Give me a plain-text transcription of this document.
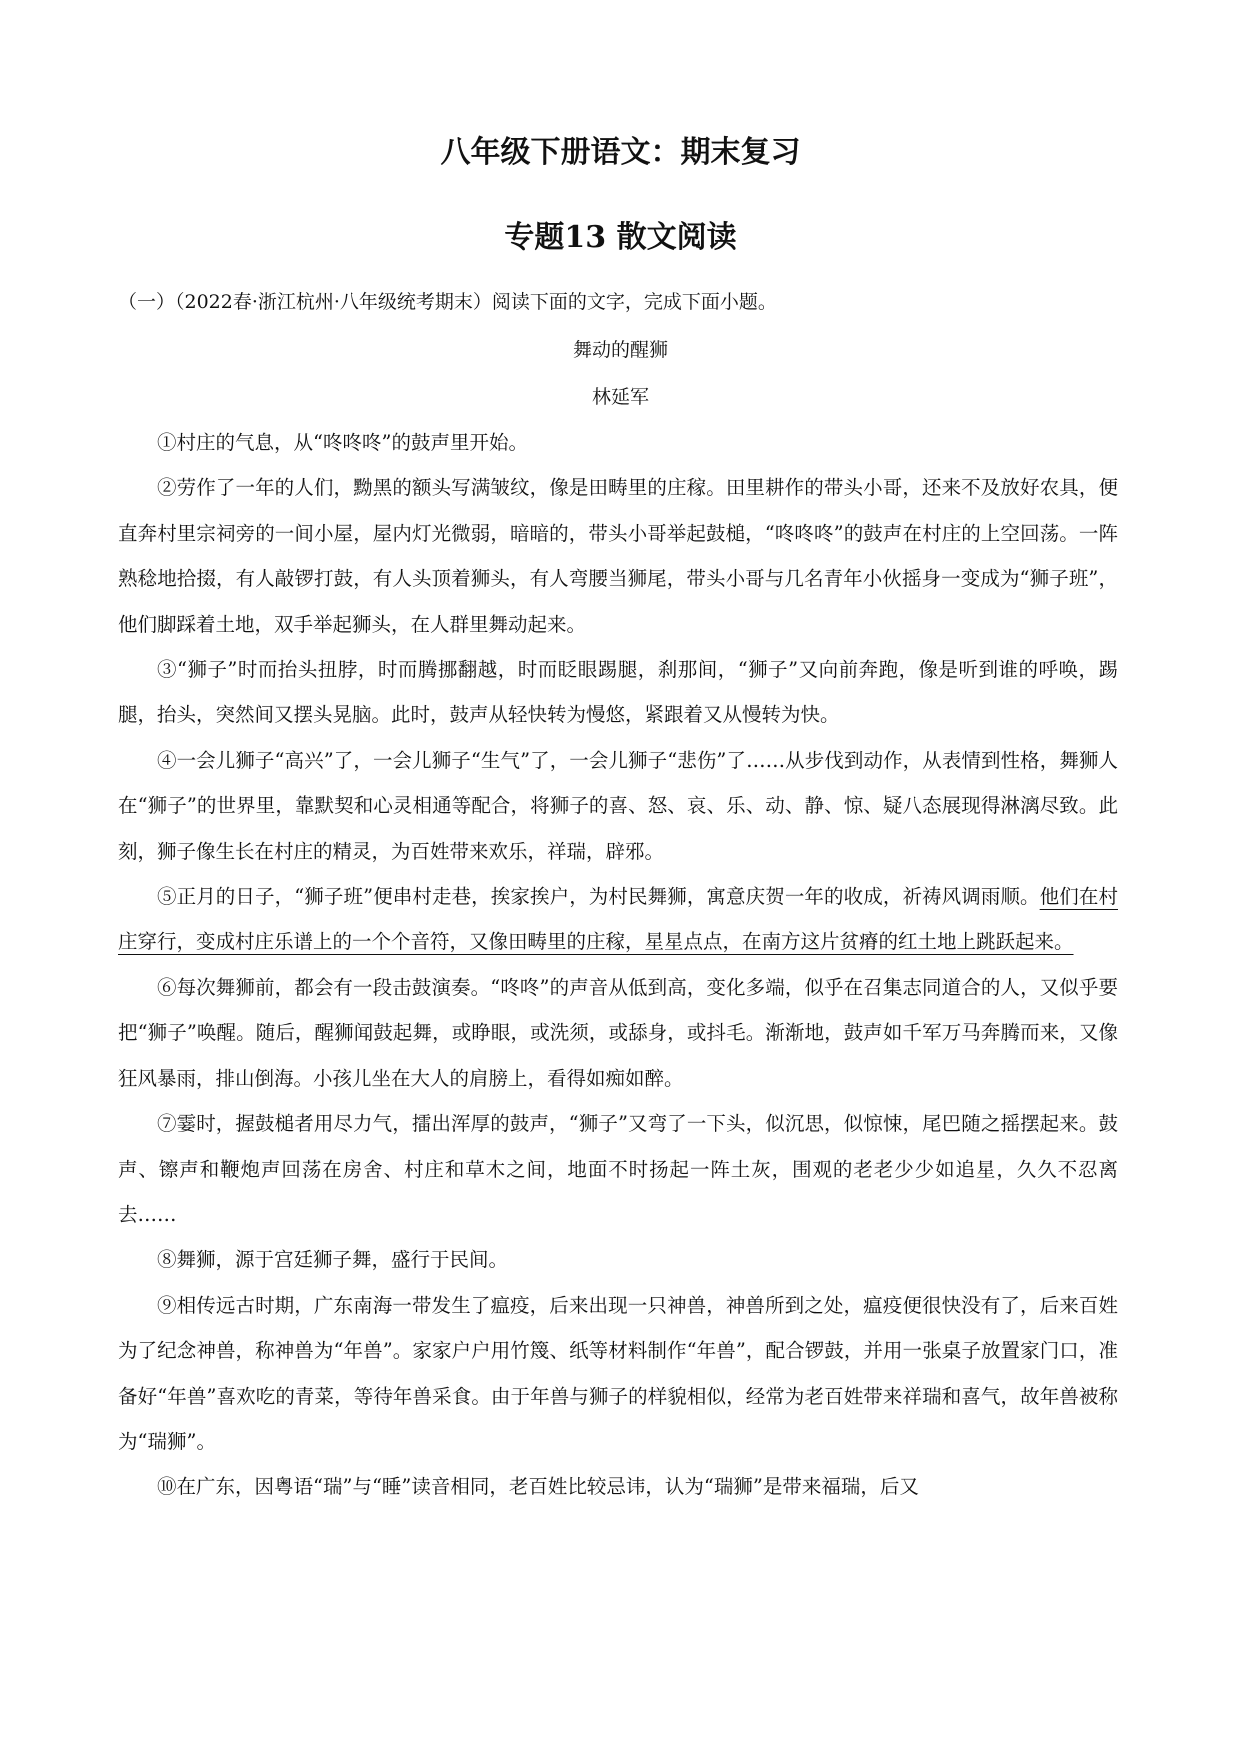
八年级下册语文：期末复习
专题13 散文阅读
（一）（2022春·浙江杭州·八年级统考期末）阅读下面的文字，完成下面小题。
舞动的醒狮
林延军

①村庄的气息，从“咚咚咚”的鼓声里开始。

②劳作了一年的人们，黝黑的额头写满皱纹，像是田畴里的庄稼。田里耕作的带头小哥，还来不及放好农具，便直奔村里宗祠旁的一间小屋，屋内灯光微弱，暗暗的，带头小哥举起鼓槌，“咚咚咚”的鼓声在村庄的上空回荡。一阵熟稔地拾掇，有人敲锣打鼓，有人头顶着狮头，有人弯腰当狮尾，带头小哥与几名青年小伙摇身一变成为“狮子班”，他们脚踩着土地，双手举起狮头，在人群里舞动起来。

③“狮子”时而抬头扭脖，时而腾挪翻越，时而眨眼踢腿，刹那间，“狮子”又向前奔跑，像是听到谁的呼唤，踢腿，抬头，突然间又摆头晃脑。此时，鼓声从轻快转为慢悠，紧跟着又从慢转为快。

④一会儿狮子“高兴”了，一会儿狮子“生气”了，一会儿狮子“悲伤”了……从步伐到动作，从表情到性格，舞狮人在“狮子”的世界里，靠默契和心灵相通等配合，将狮子的喜、怒、哀、乐、动、静、惊、疑八态展现得淋漓尽致。此刻，狮子像生长在村庄的精灵，为百姓带来欢乐，祥瑞，辟邪。

⑤正月的日子，“狮子班”便串村走巷，挨家挨户，为村民舞狮，寓意庆贺一年的收成，祈祷风调雨顺。他们在村庄穿行，变成村庄乐谱上的一个个音符，又像田畴里的庄稼，星星点点，在南方这片贫瘠的红土地上跳跃起来。

⑥每次舞狮前，都会有一段击鼓演奏。“咚咚”的声音从低到高，变化多端，似乎在召集志同道合的人，又似乎要把“狮子”唤醒。随后，醒狮闻鼓起舞，或睁眼，或洗须，或舔身，或抖毛。渐渐地，鼓声如千军万马奔腾而来，又像狂风暴雨，排山倒海。小孩儿坐在大人的肩膀上，看得如痴如醉。

⑦霎时，握鼓槌者用尽力气，擂出浑厚的鼓声，“狮子”又弯了一下头，似沉思，似惊悚，尾巴随之摇摆起来。鼓声、镲声和鞭炮声回荡在房舍、村庄和草木之间，地面不时扬起一阵土灰，围观的老老少少如追星，久久不忍离去……

⑧舞狮，源于宫廷狮子舞，盛行于民间。

⑨相传远古时期，广东南海一带发生了瘟疫，后来出现一只神兽，神兽所到之处，瘟疫便很快没有了，后来百姓为了纪念神兽，称神兽为“年兽”。家家户户用竹篾、纸等材料制作“年兽”，配合锣鼓，并用一张桌子放置家门口，准备好“年兽”喜欢吃的青菜，等待年兽采食。由于年兽与狮子的样貌相似，经常为老百姓带来祥瑞和喜气，故年兽被称为“瑞狮”。

⑩在广东，因粤语“瑞”与“睡”读音相同，老百姓比较忌讳，认为“瑞狮”是带来福瑞，后又
